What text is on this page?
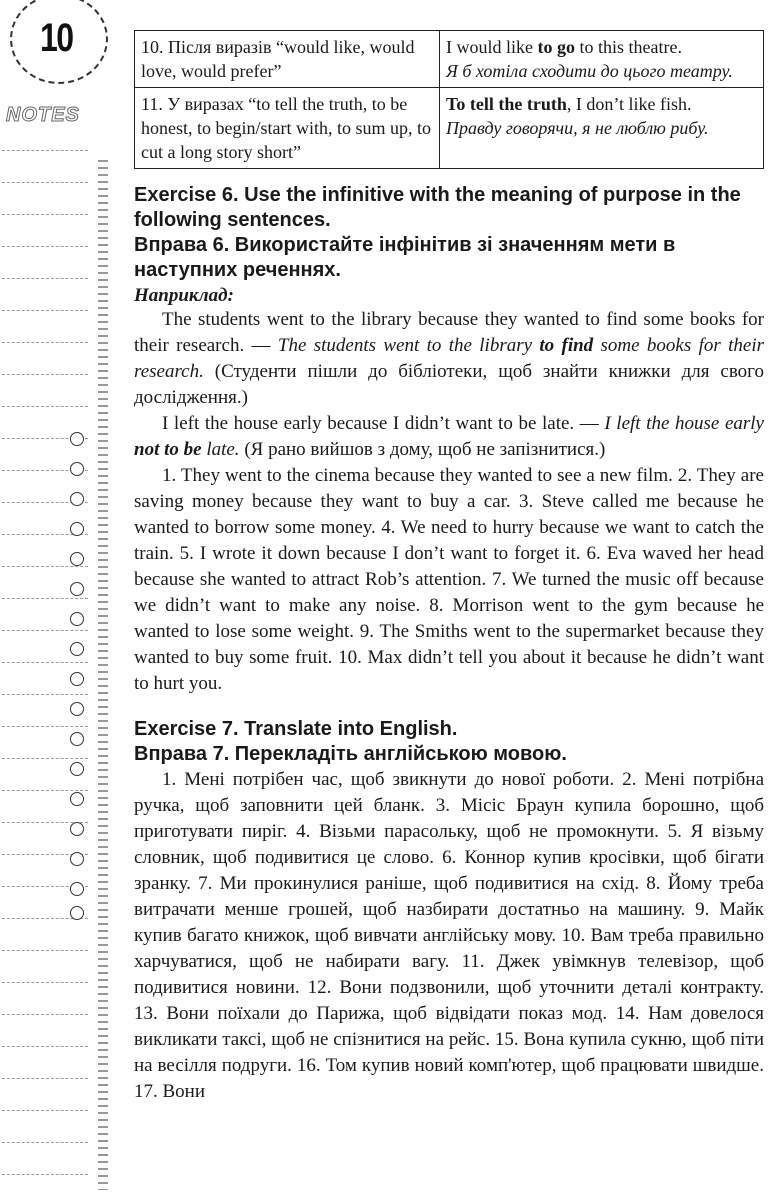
10
NOTES
10. Після виразів “would like, would love, would prefer”	I would like to go to this theatre.
Я б хотіла сходити до цього театру.
11. У виразах “to tell the truth, to be honest, to begin/start with, to sum up, to cut a long story short”	To tell the truth, I don’t like fish.
Правду говорячи, я не люблю рибу.

Exercise 6. Use the infinitive with the meaning of purpose in the following sentences.

Вправа 6. Використайте інфінітив зі значенням мети в наступних реченнях.

Наприклад:

The students went to the library because they wanted to find some books for their research. — The students went to the library to find some books for their research. (Студенти пішли до бібліотеки, щоб знайти книжки для свого дослідження.)

I left the house early because I didn’t want to be late. — I left the house early not to be late. (Я рано вийшов з дому, щоб не запізнитися.)

1. They went to the cinema because they wanted to see a new film. 2. They are saving money because they want to buy a car. 3. Steve called me because he wanted to borrow some money. 4. We need to hurry because we want to catch the train. 5. I wrote it down because I don’t want to forget it. 6. Eva waved her head because she wanted to attract Rob’s attention. 7. We turned the music off because we didn’t want to make any noise. 8. Morrison went to the gym because he wanted to lose some weight. 9. The Smiths went to the supermarket because they wanted to buy some fruit. 10. Max didn’t tell you about it because he didn’t want to hurt you.

Exercise 7. Translate into English.

Вправа 7. Перекладіть англійською мовою.

1. Мені потрібен час, щоб звикнути до нової роботи. 2. Мені потрібна ручка, щоб заповнити цей бланк. 3. Місіс Браун купила борошно, щоб приготувати пиріг. 4. Візьми парасольку, щоб не промокнути. 5. Я візьму словник, щоб подивитися це слово. 6. Коннор купив кросівки, щоб бігати зранку. 7. Ми прокинулися раніше, щоб подивитися на схід. 8. Йому треба витрачати менше грошей, щоб назбирати достатньо на машину. 9. Майк купив багато книжок, щоб вивчати англійську мову. 10. Вам треба правильно харчуватися, щоб не набирати вагу. 11. Джек увімкнув телевізор, щоб подивитися новини. 12. Вони подзвонили, щоб уточнити деталі контракту. 13. Вони поїхали до Парижа, щоб відвідати показ мод. 14. Нам довелося викликати таксі, щоб не спізнитися на рейс. 15. Вона купила сукню, щоб піти на весілля подруги. 16. Том купив новий комп'ютер, щоб працювати швидше. 17. Вони
